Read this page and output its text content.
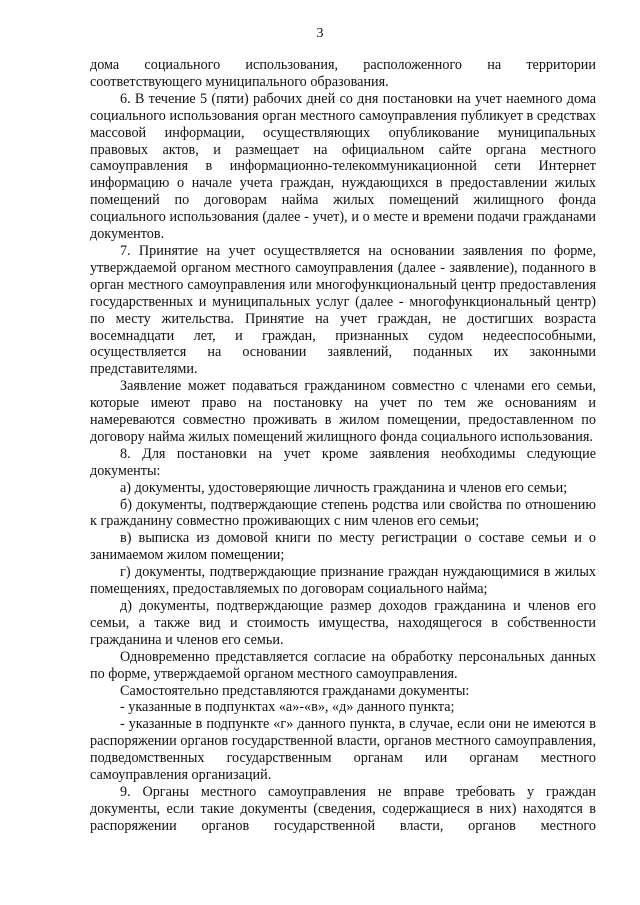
3

дома социального использования, расположенного на территории соответствующего муниципального образования.

6. В течение 5 (пяти) рабочих дней со дня постановки на учет наемного дома социального использования орган местного самоуправления публикует в средствах массовой информации, осуществляющих опубликование муниципальных правовых актов, и размещает на официальном сайте органа местного самоуправления в информационно-телекоммуникационной сети Интернет информацию о начале учета граждан, нуждающихся в предоставлении жилых помещений по договорам найма жилых помещений жилищного фонда социального использования (далее - учет), и о месте и времени подачи гражданами документов.

7. Принятие на учет осуществляется на основании заявления по форме, утверждаемой органом местного самоуправления (далее - заявление), поданного в орган местного самоуправления или многофункциональный центр предоставления государственных и муниципальных услуг (далее - многофункциональный центр) по месту жительства. Принятие на учет граждан, не достигших возраста восемнадцати лет, и граждан, признанных судом недееспособными, осуществляется на основании заявлений, поданных их законными представителями.

Заявление может подаваться гражданином совместно с членами его семьи, которые имеют право на постановку на учет по тем же основаниям и намереваются совместно проживать в жилом помещении, предоставленном по договору найма жилых помещений жилищного фонда социального использования.

8. Для постановки на учет кроме заявления необходимы следующие документы:

а) документы, удостоверяющие личность гражданина и членов его семьи;

б) документы, подтверждающие степень родства или свойства по отношению к гражданину совместно проживающих с ним членов его семьи;

в) выписка из домовой книги по месту регистрации о составе семьи и о занимаемом жилом помещении;

г) документы, подтверждающие признание граждан нуждающимися в жилых помещениях, предоставляемых по договорам социального найма;

д) документы, подтверждающие размер доходов гражданина и членов его семьи, а также вид и стоимость имущества, находящегося в собственности гражданина и членов его семьи.

Одновременно представляется согласие на обработку персональных данных по форме, утверждаемой органом местного самоуправления.

Самостоятельно представляются гражданами документы:

- указанные в подпунктах «а»-«в», «д» данного пункта;

- указанные в подпункте «г» данного пункта, в случае, если они не имеются в распоряжении органов государственной власти, органов местного самоуправления, подведомственных государственным органам или органам местного самоуправления организаций.

9. Органы местного самоуправления не вправе требовать у граждан документы, если такие документы (сведения, содержащиеся в них) находятся в распоряжении органов государственной власти, органов местного
